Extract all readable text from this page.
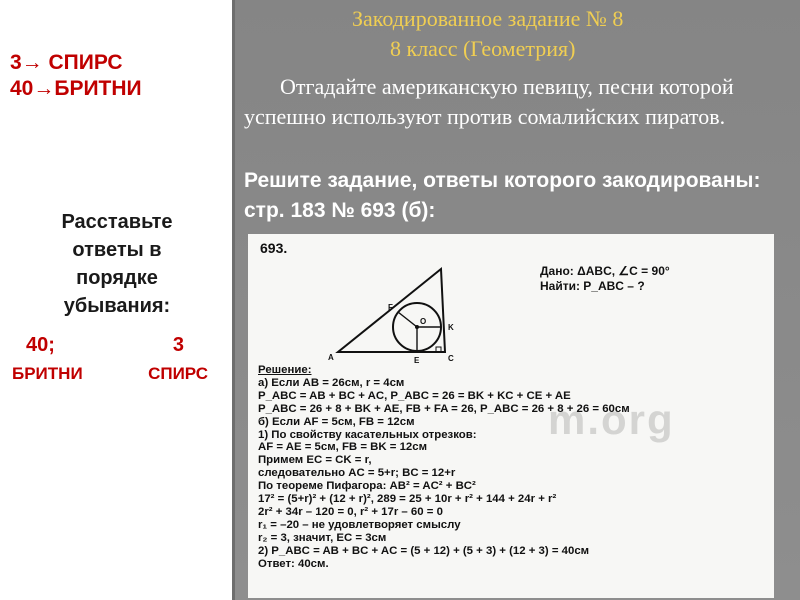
3→ СПИРС
40→БРИТНИ
Расставьте ответы в порядке убывания:
40;	3
БРИТНИ	СПИРС
Закодированное задание № 8
8 класс (Геометрия)
Отгадайте американскую певицу, песни которой успешно используют против сомалийских пиратов.
Решите задание, ответы которого закодированы: стр. 183 № 693 (б):
693.
F
O
K
A	E	C
Дано: ΔABC, ∠C = 90°
Найти: P_ABC – ?
m.org
Решение:
а) Если AB = 26см, r = 4см
P_ABC = AB + BC + AC, P_ABC = 26 = BK + KC + CE + AE
P_ABC = 26 + 8 + BK + AE, FB + FA = 26, P_ABC = 26 + 8 + 26 = 60см
б) Если AF = 5см, FB = 12см
1) По свойству касательных отрезков:
AF = AE = 5см, FB = BK = 12см
Примем EC = CK = r,
следовательно AC = 5+r; BC = 12+r
По теореме Пифагора: AB² = AC² + BC²
17² = (5+r)² + (12 + r)², 289 = 25 + 10r + r² + 144 + 24r + r²
2r² + 34r – 120 = 0, r² + 17r – 60 = 0
r₁ = –20 – не удовлетворяет смыслу
r₂ = 3, значит, EC = 3см
2) P_ABC = AB + BC + AC = (5 + 12) + (5 + 3) + (12 + 3) = 40см
Ответ: 40см.
